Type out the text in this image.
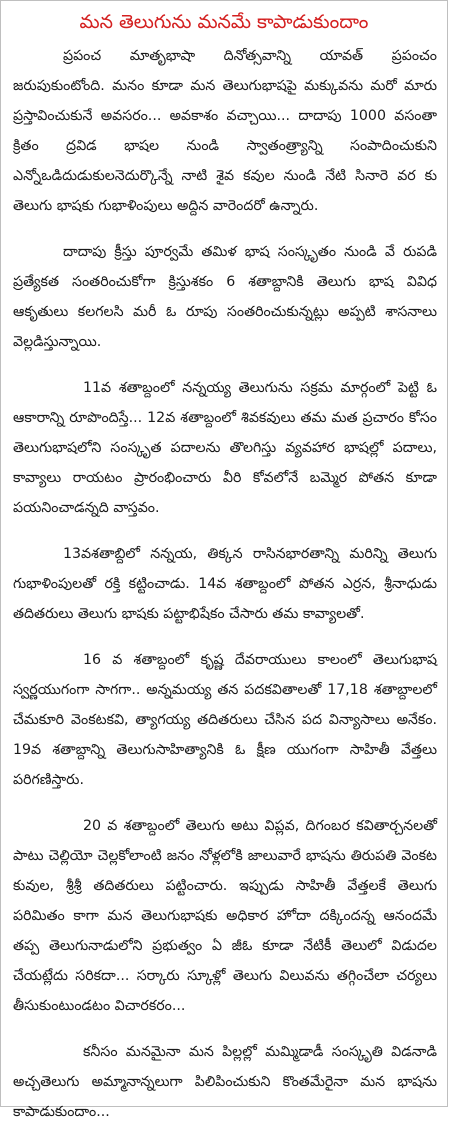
మన తెలుగును మనమే కాపాడుకుందాం

ప్రపంచ మాతృభాషా దినోత్సవాన్ని యావత్ ప్రపంచం జరుపుకుంటోంది. మనం కూడా మన తెలుగుభాషపై మక్కువను మరో మారు ప్రస్తావించుకునే అవసరం... అవకాశం వచ్చాయి... దాదాపు 1000 వసంతా క్రితం ద్రవిడ భాషల నుండి స్వాతంత్ర్యాన్ని సంపాదించుకుని ఎన్నోఒడిదుడుకులనెదుర్కొన్నే నాటి శైవ కవుల నుండి నేటి సినారె వర కు తెలుగు భాషకు గుభాళింపులు అద్దిన వారెందరో ఉన్నారు.

దాదాపు క్రీస్తు పూర్వమే తమిళ భాష సంస్కృతం నుండి వే రుపడి ప్రత్యేకత సంతరించుకోగా క్రిస్తుశకం 6 శతాబ్దానికి తెలుగు భాష వివిధ ఆకృతులు కలగలసి మరీ ఓ రూపు సంతరించుకున్నట్లు అప్పటి శాసనాలు వెల్లడిస్తున్నాయి.

11వ శతాబ్దంలో నన్నయ్య తెలుగును సక్రమ మార్గంలో పెట్టి ఓ ఆకారాన్ని రూపొందిస్తే... 12వ శతాబ్దంలో శివకవులు తమ మత ప్రచారం కోసం తెలుగుభాషలోని సంస్కృత పదాలను తొలగిస్తు వ్యవహార భాషల్లో పదాలు, కావ్యాలు రాయటం ప్రారంభించారు వీరి కోవలోనే బమ్మెర పోతన కూడా పయనించాడన్నది వాస్తవం.

13వశతాబ్దిలో నన్నయ, తిక్కన రాసినభారతాన్ని మరిన్ని తెలుగు గుభాళింపులతో రక్తి కట్టించాడు. 14వ శతాబ్దంలో పోతన ఎర్రన, శ్రీనాధుడు తదితరులు తెలుగు భాషకు పట్టాభిషేకం చేసారు తమ కావ్యాలతో.

16 వ శతాబ్దంలో కృష్ణ దేవరాయులు కాలంలో తెలుగుభాష స్వర్ణయుగంగా సాగగా.. అన్నమయ్య తన పదకవితాలతో 17,18 శతాబ్దాలలో చేమకూరి వెంకటకవి, త్యాగయ్య తదితరులు చేసిన పద విన్యాసాలు అనేకం. 19వ శతాబ్దాన్ని తెలుగుసాహిత్యానికి ఓ క్షీణ యుగంగా సాహితీ వేత్తలు పరిగణిస్తారు.

20 వ శతాబ్దంలో తెలుగు అటు విప్లవ, దిగంబర కవితార్చనలతో పాటు చెల్లియో చెల్లకోలాంటి జనం నోళ్లలోకి జాలువారే భాషను తిరుపతి వెంకట కువుల, శ్రీశ్రీ తదితరులు పట్టించారు. ఇప్పుడు సాహితీ వేత్తలకే తెలుగు పరిమితం కాగా మన తెలుగుభాషకు అధికార హోదా దక్కిందన్న ఆనందమే తప్ప తెలుగునాడులోని ప్రభుత్వం ఏ జీఓ కూడా నేటికీ తెలులో విడుదల చేయట్లేదు సరికదా... సర్కారు స్కూళ్లో తెలుగు విలువను తగ్గించేలా చర్యలు తీసుకుంటుండటం విచారకరం...

కనీసం మనమైనా మన పిల్లల్లో మమ్మిడాడీ సంస్కృతి విడనాడి అచ్చతెలుగు అమ్మానాన్నలుగా పిలిపించుకుని కొంతమేరైనా మన భాషను కాపాడుకుందాం...
